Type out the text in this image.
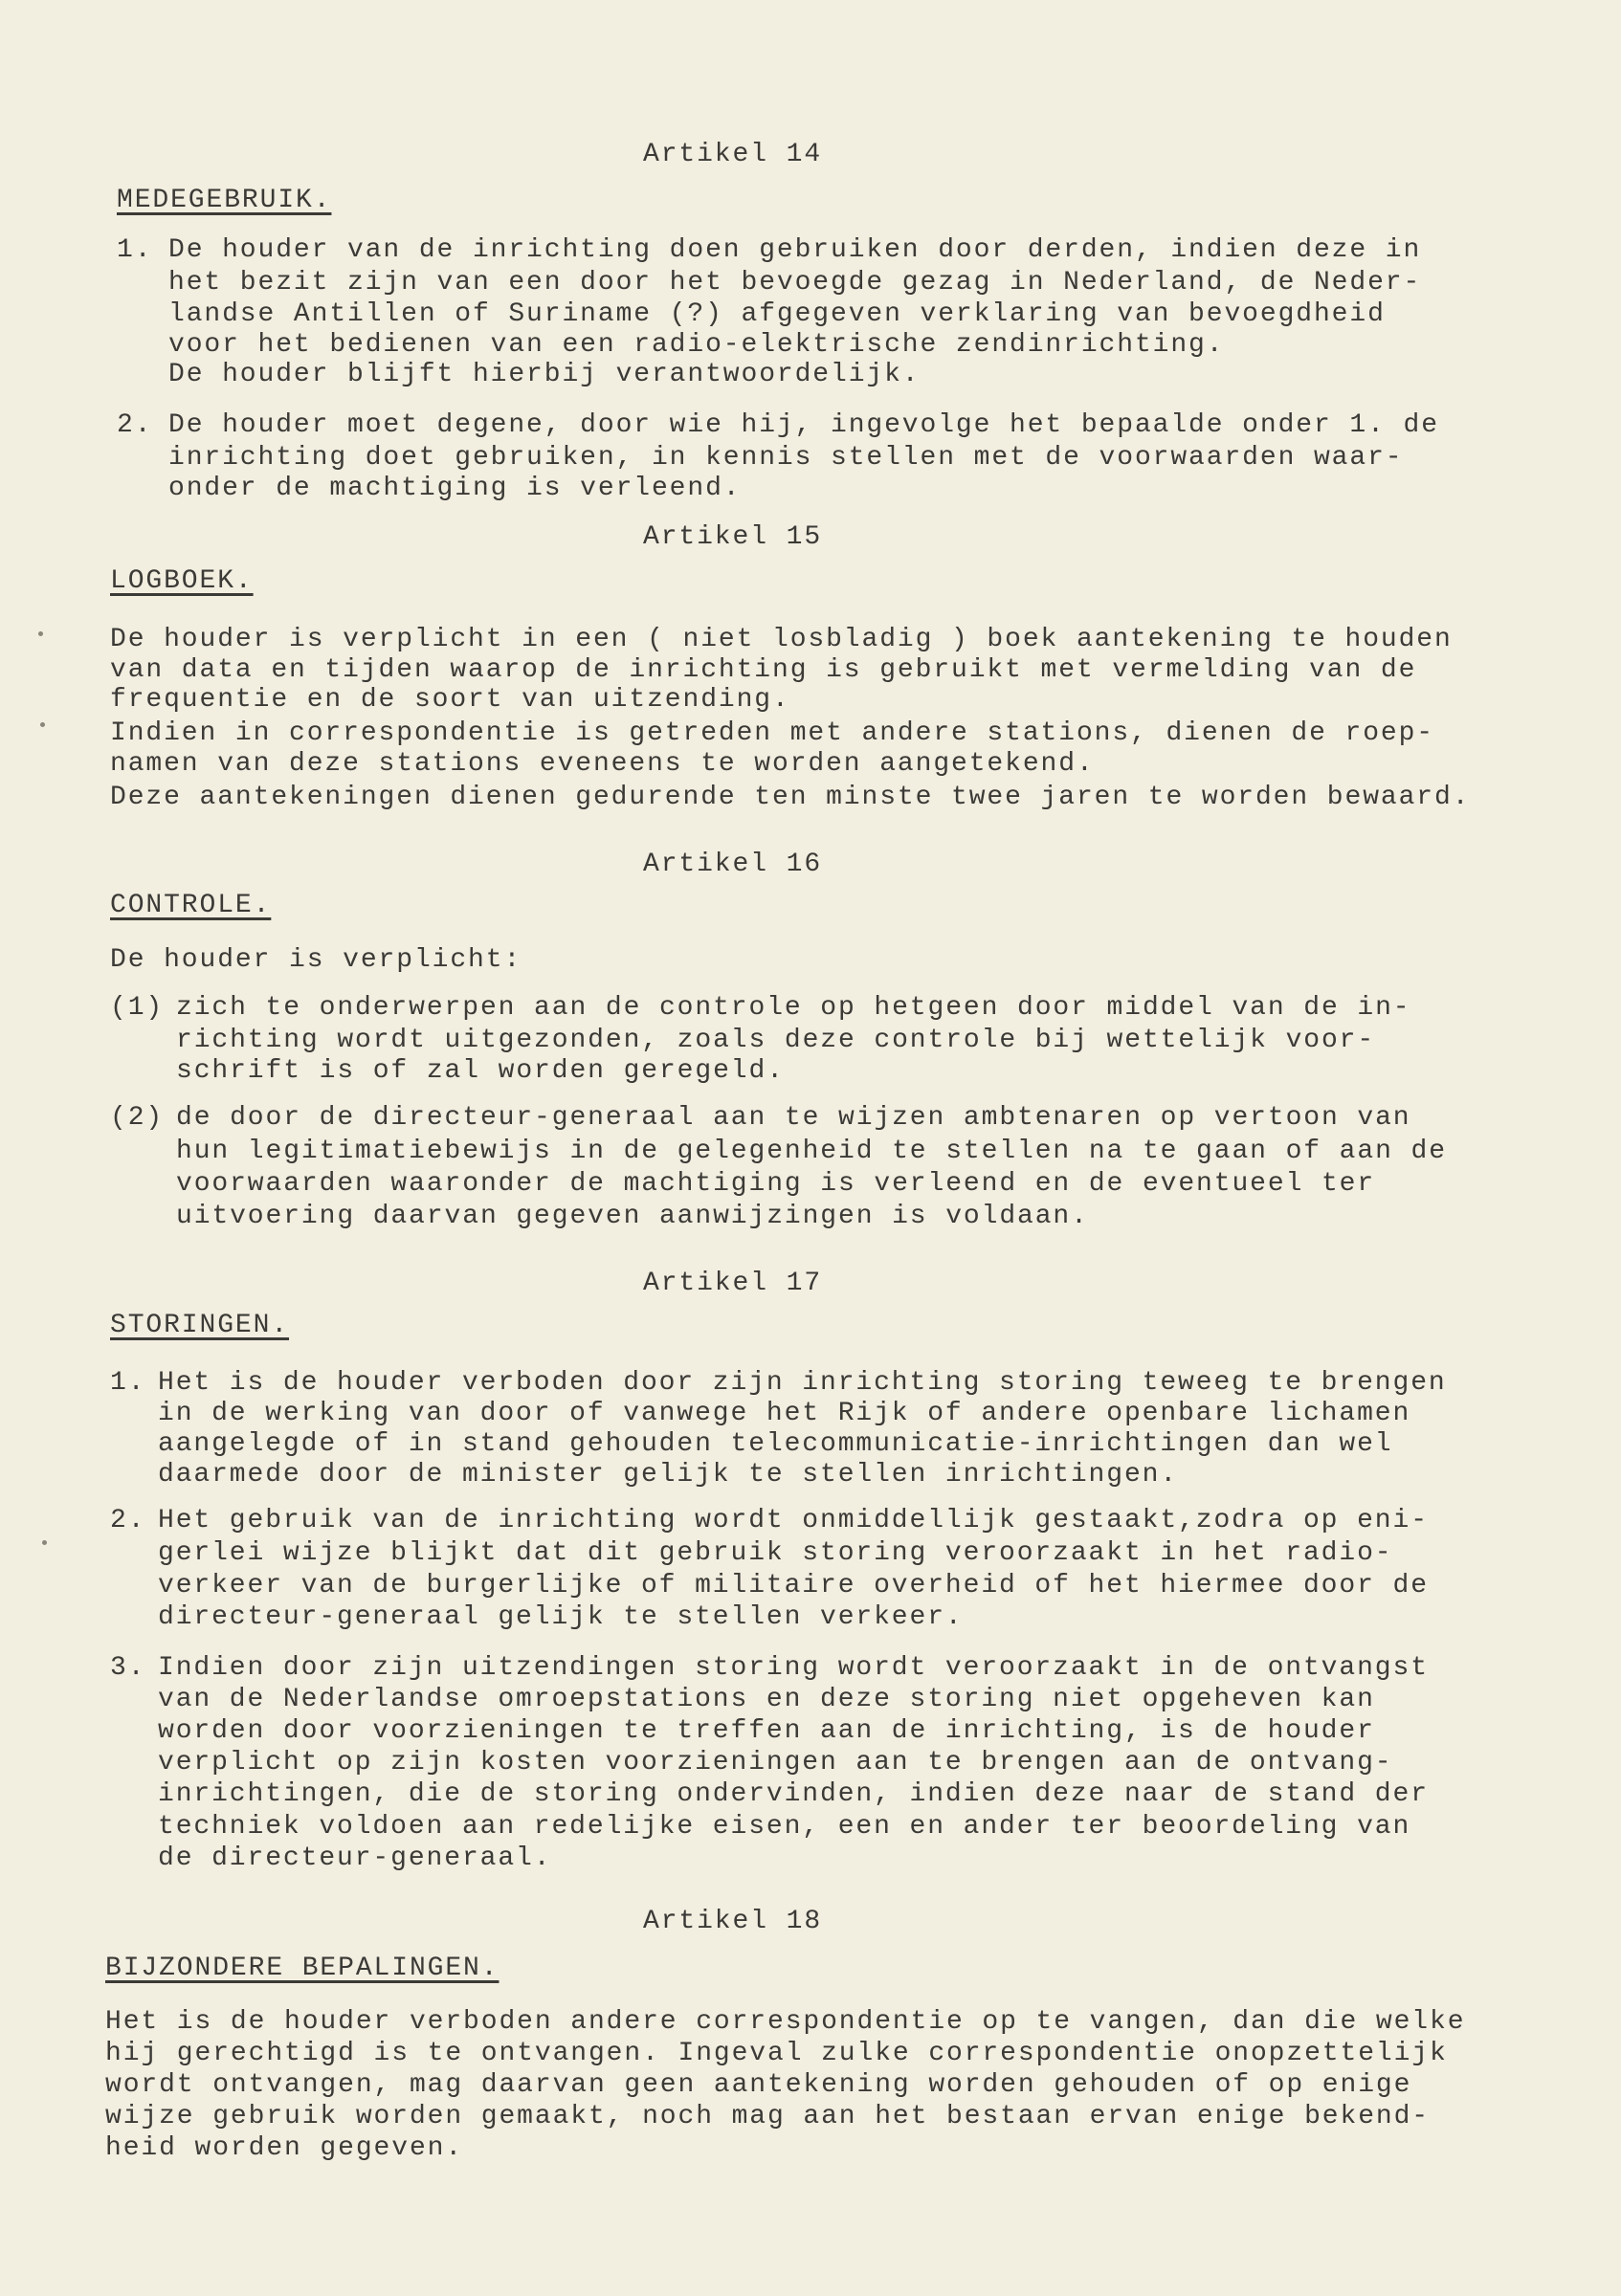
Artikel 14
MEDEGEBRUIK.
1. De houder van de inrichting doen gebruiken door derden, indien deze in
het bezit zijn van een door het bevoegde gezag in Nederland, de Neder-
landse Antillen of Suriname (?) afgegeven verklaring van bevoegdheid
voor het bedienen van een radio-elektrische zendinrichting.
De houder blijft hierbij verantwoordelijk.
2. De houder moet degene, door wie hij, ingevolge het bepaalde onder 1. de
inrichting doet gebruiken, in kennis stellen met de voorwaarden waar-
onder de machtiging is verleend.
Artikel 15
LOGBOEK.
De houder is verplicht in een ( niet losbladig ) boek aantekening te houden
van data en tijden waarop de inrichting is gebruikt met vermelding van de
frequentie en de soort van uitzending.
Indien in correspondentie is getreden met andere stations, dienen de roep-
namen van deze stations eveneens te worden aangetekend.
Deze aantekeningen dienen gedurende ten minste twee jaren te worden bewaard.
Artikel 16
CONTROLE.
De houder is verplicht:
(1) zich te onderwerpen aan de controle op hetgeen door middel van de in-
richting wordt uitgezonden, zoals deze controle bij wettelijk voor-
schrift is of zal worden geregeld.
(2) de door de directeur-generaal aan te wijzen ambtenaren op vertoon van
hun legitimatiebewijs in de gelegenheid te stellen na te gaan of aan de
voorwaarden waaronder de machtiging is verleend en de eventueel ter
uitvoering daarvan gegeven aanwijzingen is voldaan.
Artikel 17
STORINGEN.
1. Het is de houder verboden door zijn inrichting storing teweeg te brengen
in de werking van door of vanwege het Rijk of andere openbare lichamen
aangelegde of in stand gehouden telecommunicatie-inrichtingen dan wel
daarmede door de minister gelijk te stellen inrichtingen.
2. Het gebruik van de inrichting wordt onmiddellijk gestaakt,zodra op eni-
gerlei wijze blijkt dat dit gebruik storing veroorzaakt in het radio-
verkeer van de burgerlijke of militaire overheid of het hiermee door de
directeur-generaal gelijk te stellen verkeer.
3. Indien door zijn uitzendingen storing wordt veroorzaakt in de ontvangst
van de Nederlandse omroepstations en deze storing niet opgeheven kan
worden door voorzieningen te treffen aan de inrichting, is de houder
verplicht op zijn kosten voorzieningen aan te brengen aan de ontvang-
inrichtingen, die de storing ondervinden, indien deze naar de stand der
techniek voldoen aan redelijke eisen, een en ander ter beoordeling van
de directeur-generaal.
Artikel 18
BIJZONDERE BEPALINGEN.
Het is de houder verboden andere correspondentie op te vangen, dan die welke
hij gerechtigd is te ontvangen. Ingeval zulke correspondentie onopzettelijk
wordt ontvangen, mag daarvan geen aantekening worden gehouden of op enige
wijze gebruik worden gemaakt, noch mag aan het bestaan ervan enige bekend-
heid worden gegeven.
